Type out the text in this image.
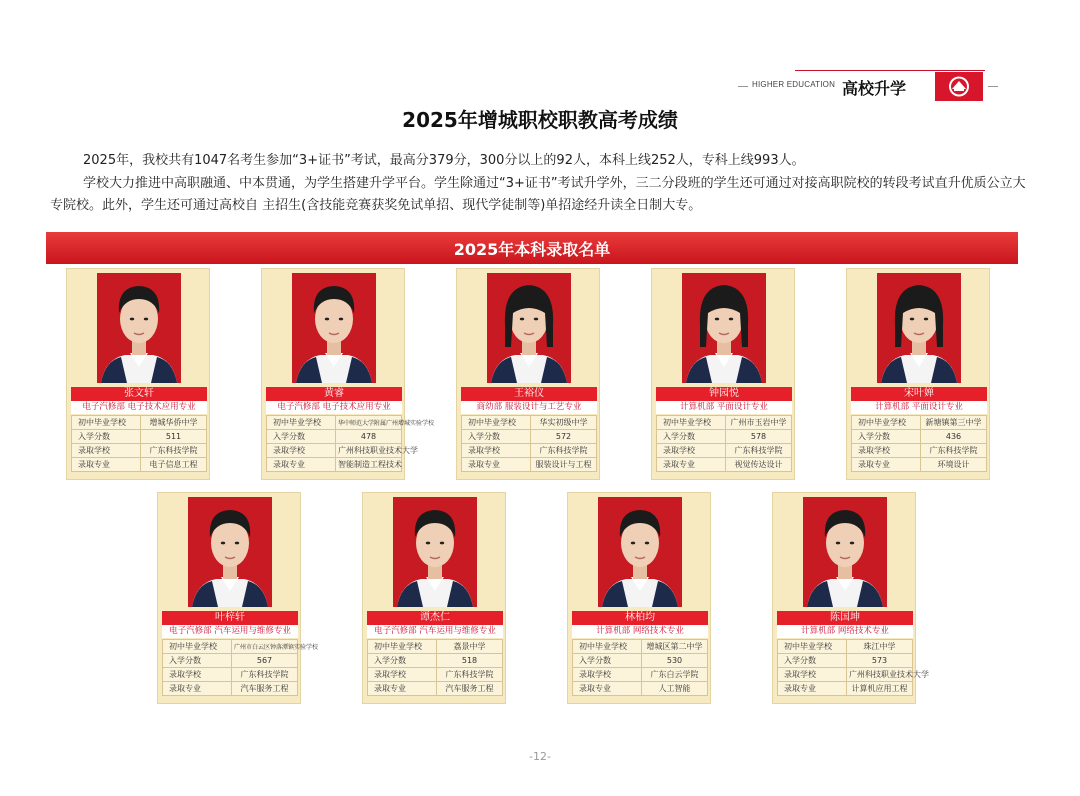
HIGHER EDUCATION 高校升学
2025年增城职校职教高考成绩

2025年，我校共有1047名考生参加“3+证书”考试，最高分379分，300分以上的92人，本科上线252人，专科上线993人。

学校大力推进中高职融通、中本贯通，为学生搭建升学平台。学生除通过“3+证书”考试升学外，三二分段班的学生还可通过对接高职院校的转段考试直升优质公立大专院校。此外，学生还可通过高校自 主招生(含技能竞赛获奖免试单招、现代学徒制等)单招途经升读全日制大专。

2025年本科录取名单
张文轩
电子汽修部 电子技术应用专业
初中毕业学校	增城华侨中学
入学分数	511
录取学校	广东科技学院
录取专业	电子信息工程
黄睿
电子汽修部 电子技术应用专业
初中毕业学校	华中师范大学附属广州增城实验学校
入学分数	478
录取学校	广州科技职业技术大学
录取专业	智能制造工程技术
王裕仪
商幼部 服装设计与工艺专业
初中毕业学校	华实初级中学
入学分数	572
录取学校	广东科技学院
录取专业	服装设计与工程
钟园悦
计算机部 平面设计专业
初中毕业学校	广州市玉岩中学
入学分数	578
录取学校	广东科技学院
录取专业	视觉传达设计
宋叶婵
计算机部 平面设计专业
初中毕业学校	新塘镇第三中学
入学分数	436
录取学校	广东科技学院
录取专业	环境设计
叶梓轩
电子汽修部 汽车运用与维修专业
初中毕业学校	广州市白云区钟落潭镇实验学校
入学分数	567
录取学校	广东科技学院
录取专业	汽车服务工程
谭杰仁
电子汽修部 汽车运用与维修专业
初中毕业学校	荔景中学
入学分数	518
录取学校	广东科技学院
录取专业	汽车服务工程
林柏均
计算机部 网络技术专业
初中毕业学校	增城区第二中学
入学分数	530
录取学校	广东白云学院
录取专业	人工智能
陈国坤
计算机部 网络技术专业
初中毕业学校	珠江中学
入学分数	573
录取学校	广州科技职业技术大学
录取专业	计算机应用工程
-12-
